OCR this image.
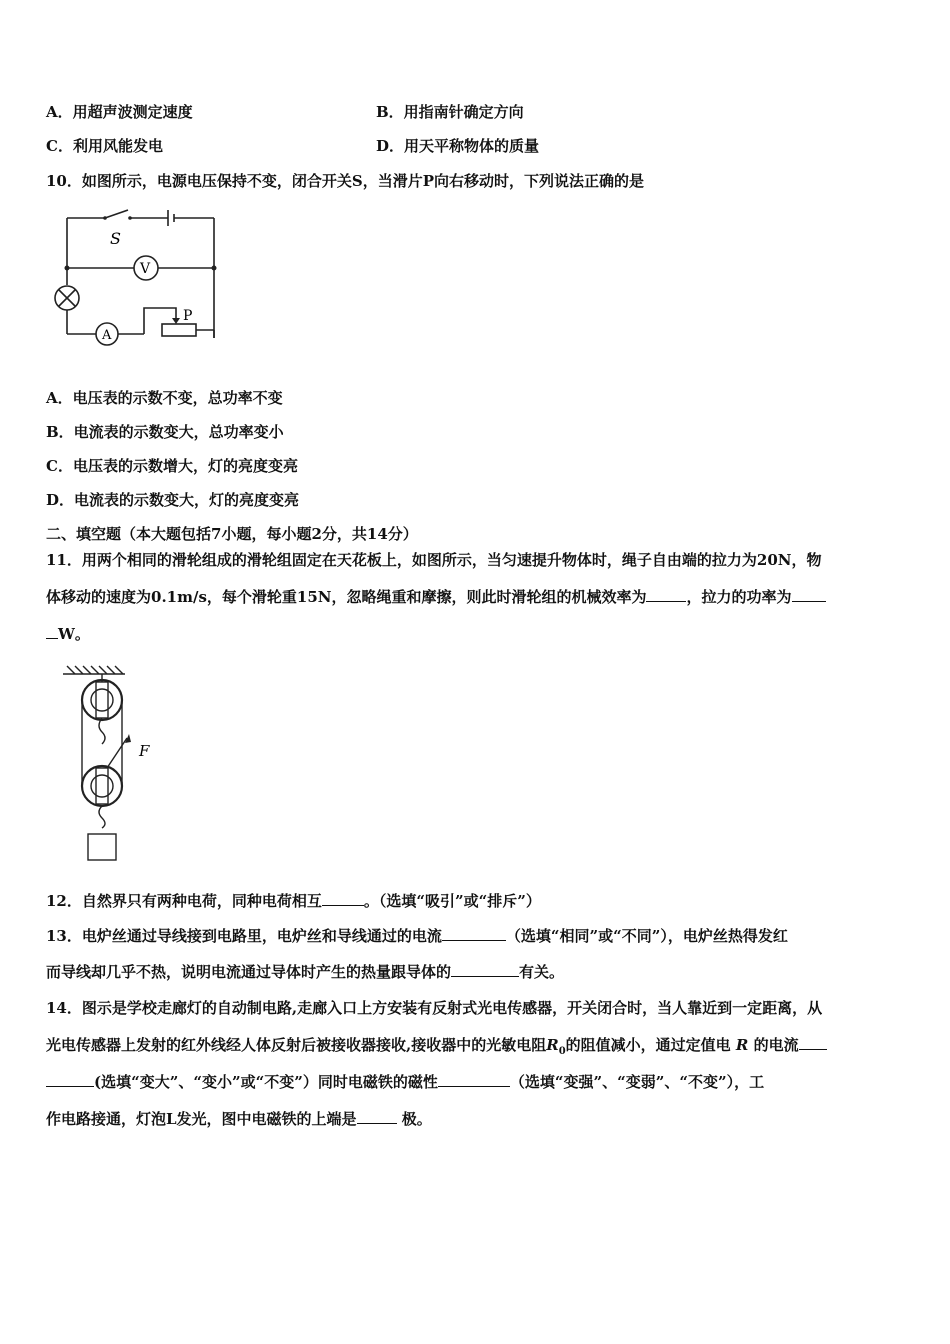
A．用超声波测定速度	B．用指南针确定方向
C．利用风能发电	D．用天平称物体的质量
10．如图所示，电源电压保持不变，闭合开关S，当滑片P向右移动时，下列说法正确的是
S
V
A
P
A．电压表的示数不变，总功率不变
B．电流表的示数变大，总功率变小
C．电压表的示数增大，灯的亮度变亮
D．电流表的示数变大，灯的亮度变亮
二、填空题（本大题包括7小题，每小题2分，共14分）
11．用两个相同的滑轮组成的滑轮组固定在天花板上，如图所示，当匀速提升物体时，绳子自由端的拉力为20N，物
体移动的速度为0.1m/s，每个滑轮重15N，忽略绳重和摩擦，则此时滑轮组的机械效率为	，拉力的功率为
W。
F
12．自然界只有两种电荷，同种电荷相互	。（选填“吸引”或“排斥”）
13．电炉丝通过导线接到电路里，电炉丝和导线通过的电流	（选填“相同”或“不同”），电炉丝热得发红
而导线却几乎不热，说明电流通过导体时产生的热量跟导体的	有关。
14．图示是学校走廊灯的自动制电路,走廊入口上方安装有反射式光电传感器，开关闭合时，当人靠近到一定距离，从
光电传感器上发射的红外线经人体反射后被接收器接收,接收器中的光敏电阻$R_0$的阻值减小，通过定值电 R 的电流
(选填“变大”、“变小”或“不变”）同时电磁铁的磁性	（选填“变强”、“变弱”、“不变”），工
作电路接通，灯泡L发光，图中电磁铁的上端是	极。
